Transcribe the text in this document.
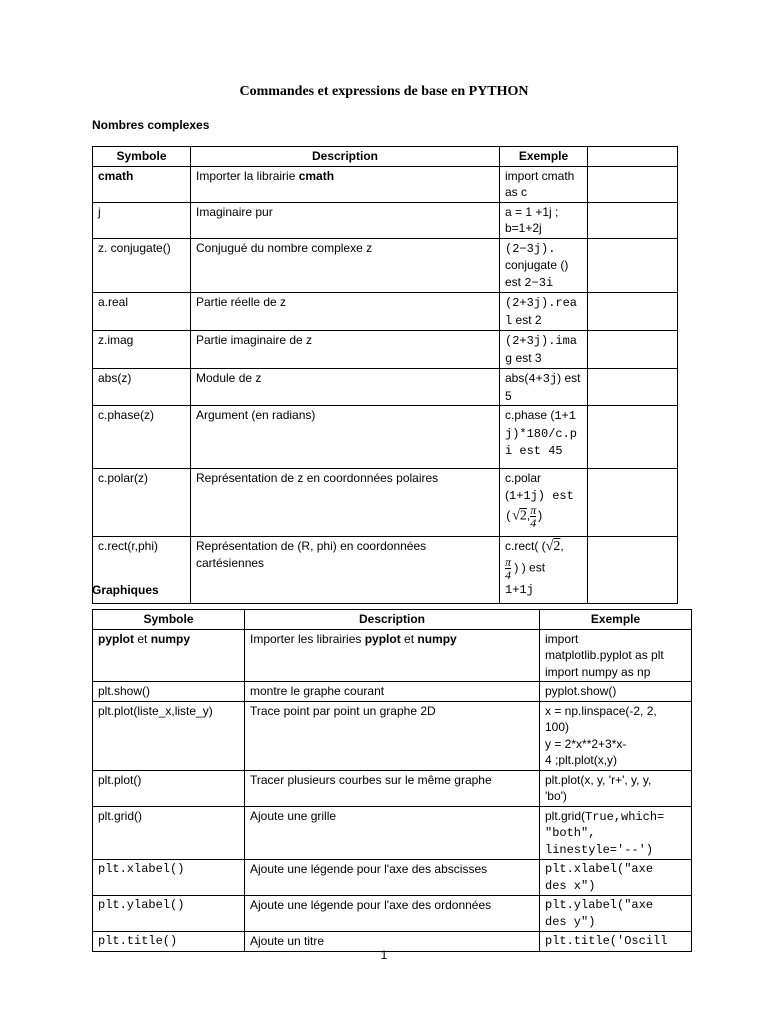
Commandes et expressions de base en PYTHON
Nombres complexes
Symbole	Description	Exemple	
cmath	Importer la librairie cmath	import cmath as c	
j	Imaginaire pur	a = 1 +1j ; b=1+2j	
z. conjugate()	Conjugué du nombre complexe z	(2−3j). conjugate () est 2−3i	
a.real	Partie réelle de z	(2+3j).real est 2	
z.imag	Partie imaginaire de z	(2+3j).imag est 3	
abs(z)	Module de z	abs(4+3j) est 5	
c.phase(z)	Argument (en radians)	c.phase (1+1j)*180/c.pi est 45	
c.polar(z)	Représentation de z en coordonnées polaires	c.polar (1+1j) est
(√2, $\frac{\pi}{4}$ )	
c.rect(r,phi)	Représentation de (R, phi) en coordonnées cartésiennes	c.rect( (√2,

$\frac{\pi}{4}$ ) ) est
1+1j	
Graphiques
Symbole	Description	Exemple
pyplot et numpy	Importer les librairies pyplot et numpy	import
matplotlib.pyplot as plt
import numpy as np

plt.show()	montre le graphe courant	pyplot.show()
plt.plot(liste_x,liste_y)	Trace point par point un graphe 2D	x = np.linspace(-2, 2,
100)
y = 2*x**2+3*x-
4 ;plt.plot(x,y)

plt.plot()	Tracer plusieurs courbes sur le même graphe	plt.plot(x, y, 'r+', y, y,
'bo')

plt.grid()	Ajoute une grille	plt.grid(True,which=
"both",
linestyle='--')

plt.xlabel()	Ajoute une légende pour l'axe des abscisses	plt.xlabel("axe
des x")

plt.ylabel()	Ajoute une légende pour l'axe des ordonnées	plt.ylabel("axe
des y")

plt.title()	Ajoute un titre	plt.title('Oscill
1
